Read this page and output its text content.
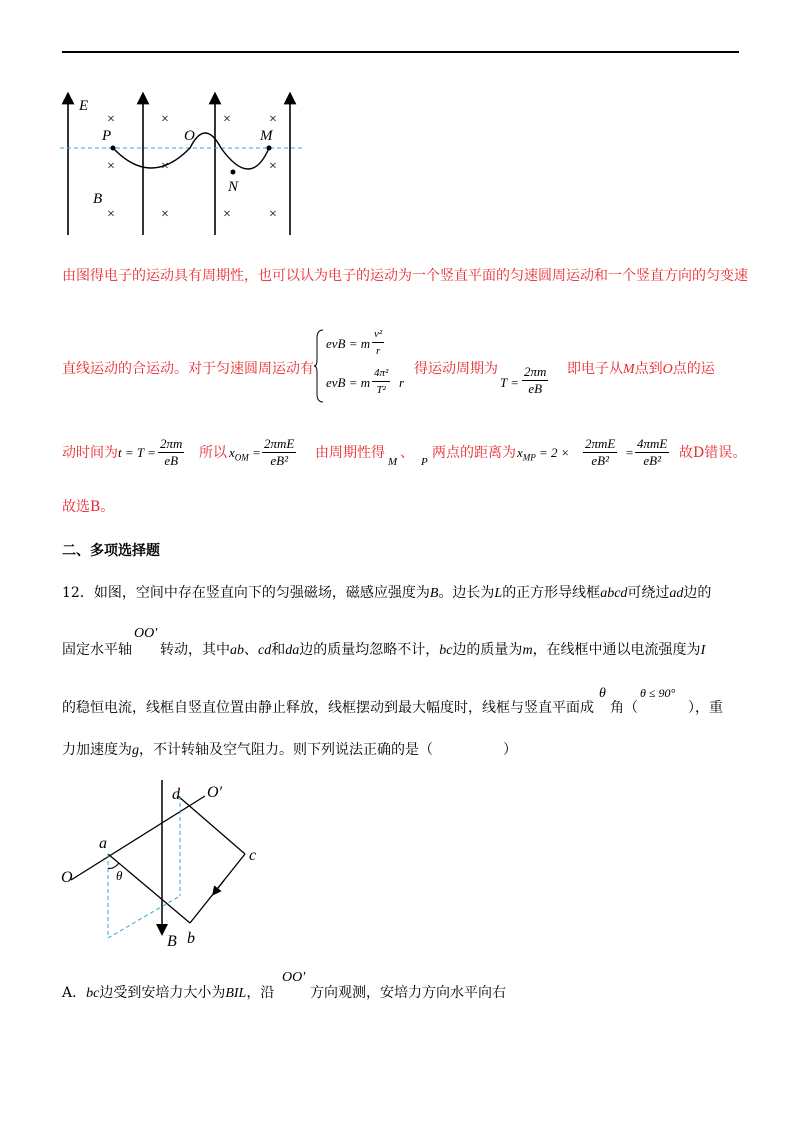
E
P	O	M
N
B
×	×	×	×
×	×	×
×	×	×	×
由图得电子的运动具有周期性，也可以认为电子的运动为一个竖直平面的匀速圆周运动和一个竖直方向的匀变速
直线运动的合运动。对于匀速圆周运动有
evB = m $\frac{\text{v²}}{r}$
evB = m $\frac{\text{4π²}}{\text{T²}}$ r
得运动周期为
$T = \frac{2\pi m}{eB}$ 即电子从M点到O点的运
动时间为 $t = T = \frac{2\pi m}{eB}$ 所以 $x_{OM}$ =
2πmE
eB²	由周期性得
M
、
P
两点的距离为 $x_{MP} = 2$ ×
2πmE
eB²
=
4πmE
eB²	故D错误。
故选B。
二、多项选择题
12．如图，空间中存在竖直向下的匀强磁场，磁感应强度为B。边长为L的正方形导线框abcd可绕过ad边的
固定水平轴
OO′
转动，其中ab、cd和da边的质量均忽略不计，bc边的质量为m，在线框中通以电流强度为I
的稳恒电流，线框自竖直位置由静止释放，线框摆动到最大幅度时，线框与竖直平面成
θ
角（
θ ≤ 90°
），重
力加速度为g，不计转轴及空气阻力。则下列说法正确的是（	）
d O′
a
c
O	θ
b
B
A．bc边受到安培力大小为BIL，沿
OO′
方向观测，安培力方向水平向右
